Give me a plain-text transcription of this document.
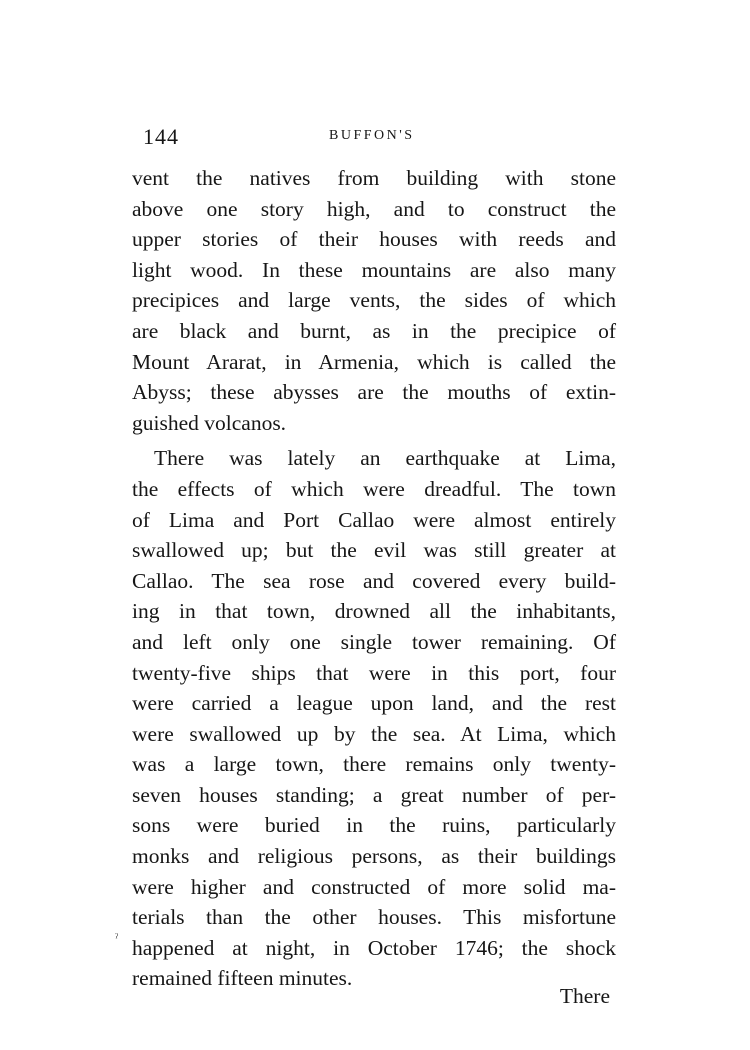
144	BUFFON'S
vent the natives from building with stone
above one story high, and to construct the
upper stories of their houses with reeds and
light wood. In these mountains are also many
precipices and large vents, the sides of which
are black and burnt, as in the precipice of
Mount Ararat, in Armenia, which is called the
Abyss; these abysses are the mouths of extin-
guished volcanos.
There was lately an earthquake at Lima,
the effects of which were dreadful. The town
of Lima and Port Callao were almost entirely
swallowed up; but the evil was still greater at
Callao. The sea rose and covered every build-
ing in that town, drowned all the inhabitants,
and left only one single tower remaining. Of
twenty-five ships that were in this port, four
were carried a league upon land, and the rest
were swallowed up by the sea. At Lima, which
was a large town, there remains only twenty-
seven houses standing; a great number of per-
sons were buried in the ruins, particularly
monks and religious persons, as their buildings
were higher and constructed of more solid ma-
terials than the other houses. This misfortune
happened at night, in October 1746; the shock
remained fifteen minutes.
ˀ
There
